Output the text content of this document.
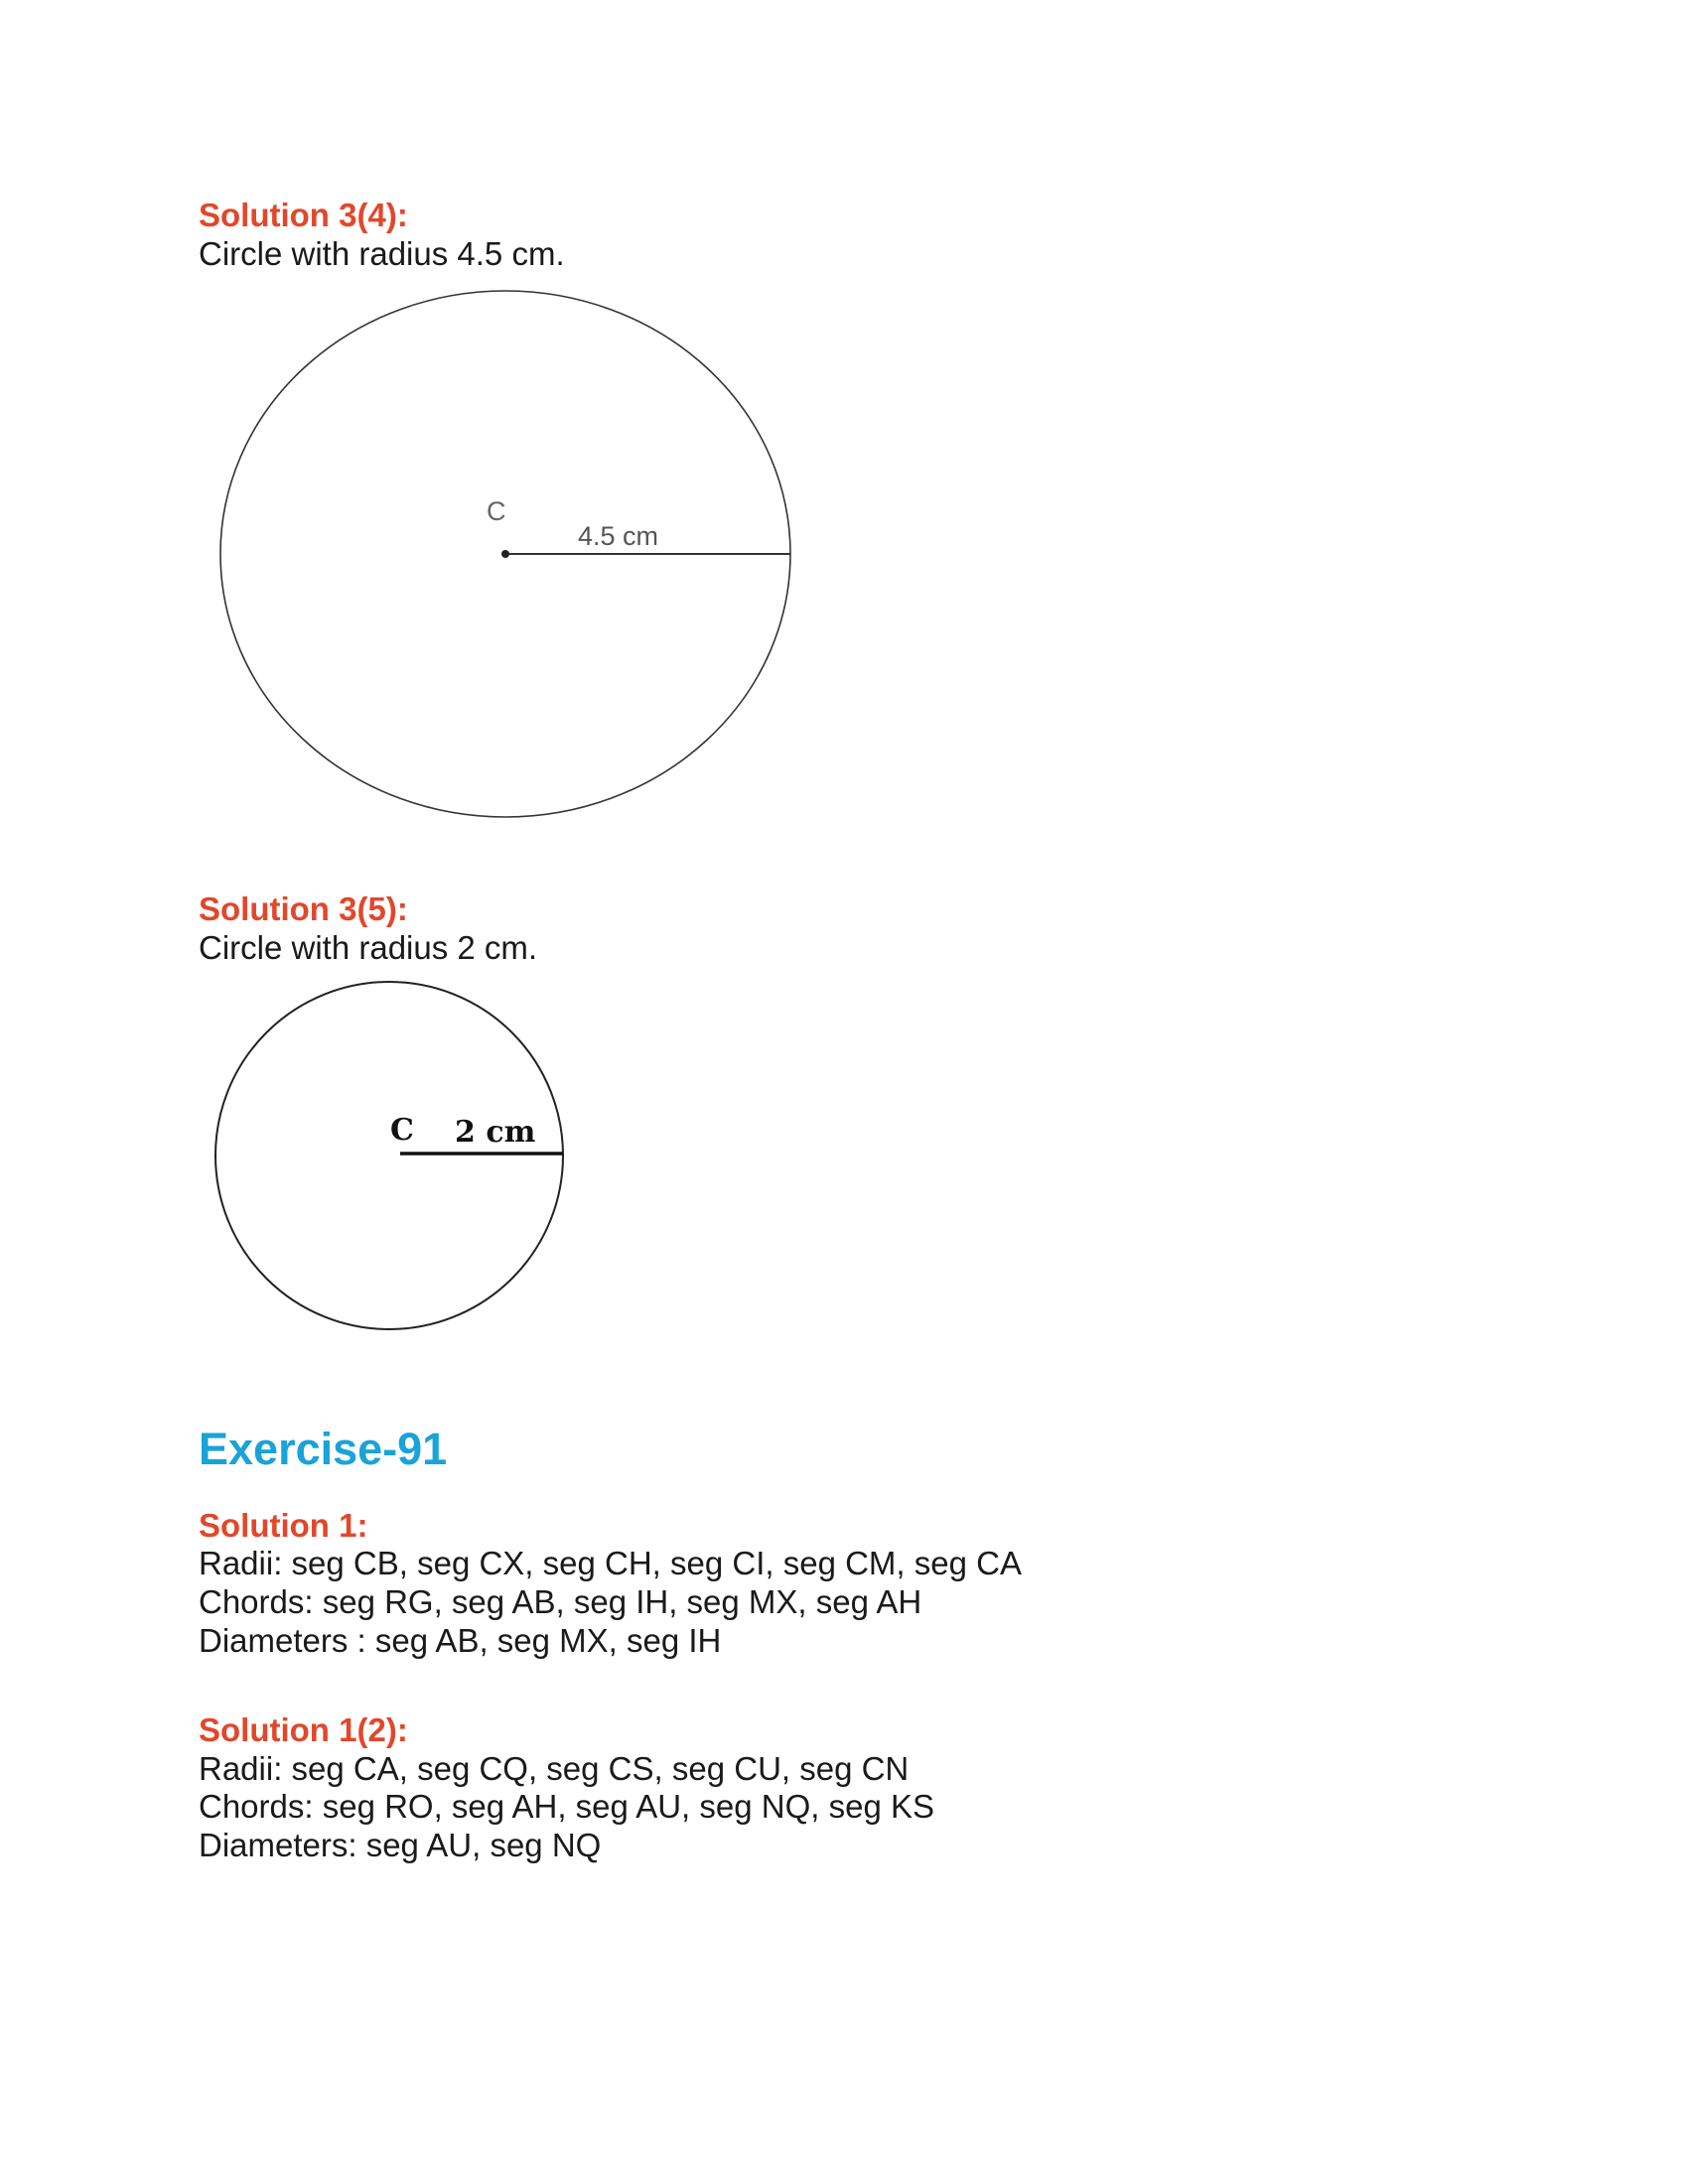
Solution 3(4):
Circle with radius 4.5 cm.
C
4.5 cm
Solution 3(5):
Circle with radius 2 cm.
C 2 cm
Exercise-91
Solution 1:
Radii: seg CB, seg CX, seg CH, seg CI, seg CM, seg CA
Chords: seg RG, seg AB, seg IH, seg MX, seg AH
Diameters : seg AB, seg MX, seg IH
Solution 1(2):
Radii: seg CA, seg CQ, seg CS, seg CU, seg CN
Chords: seg RO, seg AH, seg AU, seg NQ, seg KS
Diameters: seg AU, seg NQ
